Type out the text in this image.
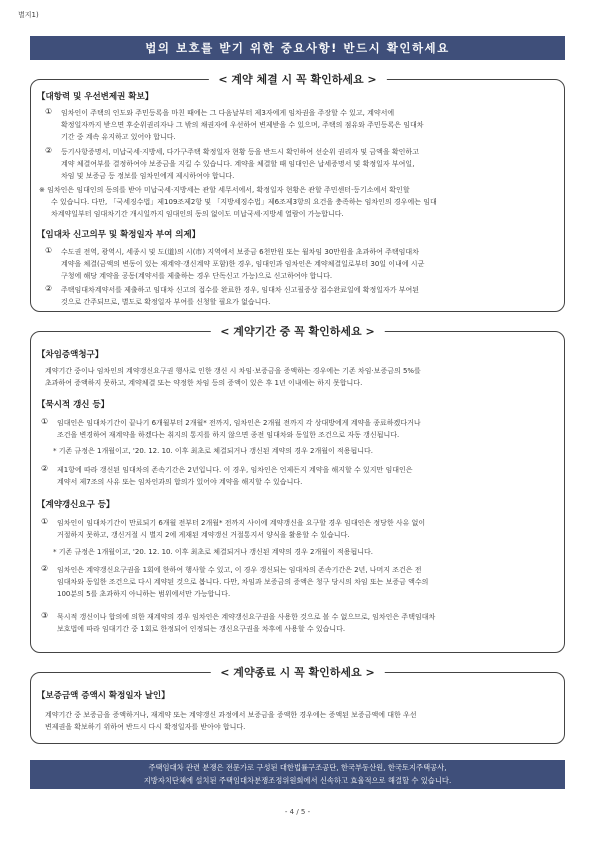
별지1)
법의 보호를 받기 위한 중요사항! 반드시 확인하세요
< 계약 체결 시 꼭 확인하세요 >
【대항력 및 우선변제권 확보】
① 임차인이 주택의 인도와 주민등록을 마친 때에는 그 다음날부터 제3자에게 임차권을 주장할 수 있고, 계약서에
확정일자까지 받으면 후순위권리자나 그 밖의 채권자에 우선하여 변제받을 수 있으며, 주택의 점유와 주민등록은 임대차
기간 중 계속 유지하고 있어야 합니다.
② 등기사항증명서, 미납국세·지방세, 다가구주택 확정일자 현황 등을 반드시 확인하여 선순위 권리자 및 금액을 확인하고
계약 체결여부를 결정하여야 보증금을 지킬 수 있습니다. 계약을 체결할 때 임대인은 납세증명서 및 확정일자 부여일,
차임 및 보증금 등 정보를 임차인에게 제시하여야 합니다.
※ 임차인은 임대인의 동의를 받아 미납국세·지방세는 관할 세무서에서, 확정일자 현황은 관할 주민센터·등기소에서 확인할
수 있습니다. 다만, 「국세징수법」제109조제2항 및 「지방세징수법」제6조제3항의 요건을 충족하는 임차인의 경우에는 임대
차계약일부터 임대차기간 개시일까지 임대인의 동의 없이도 미납국세·지방세 열람이 가능합니다.
【임대차 신고의무 및 확정일자 부여 의제】
① 수도권 전역, 광역시, 세종시 및 도(道)의 시(市) 지역에서 보증금 6천만원 또는 월차임 30만원을 초과하여 주택임대차
계약을 체결(금액의 변동이 있는 재계약·갱신계약 포함)한 경우, 임대인과 임차인은 계약체결일로부터 30일 이내에 시군
구청에 해당 계약을 공동(계약서를 제출하는 경우 단독신고 가능)으로 신고하여야 합니다.
② 주택임대차계약서를 제출하고 임대차 신고의 접수를 완료한 경우, 임대차 신고필증상 접수완료일에 확정일자가 부여된
것으로 간주되므로, 별도로 확정일자 부여를 신청할 필요가 없습니다.
< 계약기간 중 꼭 확인하세요 >
【차임증액청구】
계약기간 중이나 임차인의 계약갱신요구권 행사로 인한 갱신 시 차임·보증금을 증액하는 경우에는 기존 차임·보증금의 5%를
초과하여 증액하지 못하고, 계약체결 또는 약정한 차임 등의 증액이 있은 후 1년 이내에는 하지 못합니다.
【묵시적 갱신 등】
① 임대인은 임대차기간이 끝나기 6개월부터 2개월* 전까지, 임차인은 2개월 전까지 각 상대방에게 계약을 종료하겠다거나
조건을 변경하여 재계약을 하겠다는 취지의 통지를 하지 않으면 종전 임대차와 동일한 조건으로 자동 갱신됩니다.
* 기존 규정은 1개월이고, '20. 12. 10. 이후 최초로 체결되거나 갱신된 계약의 경우 2개월이 적용됩니다.
② 제1항에 따라 갱신된 임대차의 존속기간은 2년입니다. 이 경우, 임차인은 언제든지 계약을 해지할 수 있지만 임대인은
계약서 제7조의 사유 또는 임차인과의 합의가 있어야 계약을 해지할 수 있습니다.
【계약갱신요구 등】
① 임차인이 임대차기간이 만료되기 6개월 전부터 2개월* 전까지 사이에 계약갱신을 요구할 경우 임대인은 정당한 사유 없이
거절하지 못하고, 갱신거절 시 별지 2에 게재된 계약갱신 거절통지서 양식을 활용할 수 있습니다.
* 기존 규정은 1개월이고, '20. 12. 10. 이후 최초로 체결되거나 갱신된 계약의 경우 2개월이 적용됩니다.
② 임차인은 계약갱신요구권을 1회에 한하여 행사할 수 있고, 이 경우 갱신되는 임대차의 존속기간은 2년, 나머지 조건은 전
임대차와 동일한 조건으로 다시 계약된 것으로 봅니다. 다만, 차임과 보증금의 증액은 청구 당시의 차임 또는 보증금 액수의
100분의 5를 초과하지 아니하는 범위에서만 가능합니다.
③ 묵시적 갱신이나 합의에 의한 재계약의 경우 임차인은 계약갱신요구권을 사용한 것으로 볼 수 없으므로, 임차인은 주택임대차
보호법에 따라 임대기간 중 1회로 한정되어 인정되는 갱신요구권을 차후에 사용할 수 있습니다.
< 계약종료 시 꼭 확인하세요 >
【보증금액 증액시 확정일자 날인】
계약기간 중 보증금을 증액하거나, 재계약 또는 계약갱신 과정에서 보증금을 증액한 경우에는 증액된 보증금액에 대한 우선
변제권을 확보하기 위하여 반드시 다시 확정일자를 받아야 합니다.
주택임대차 관련 분쟁은 전문가로 구성된 대한법률구조공단, 한국부동산원, 한국토지주택공사,
지방자치단체에 설치된 주택임대차분쟁조정위원회에서 신속하고 효율적으로 해결할 수 있습니다.
- 4 / 5 -
